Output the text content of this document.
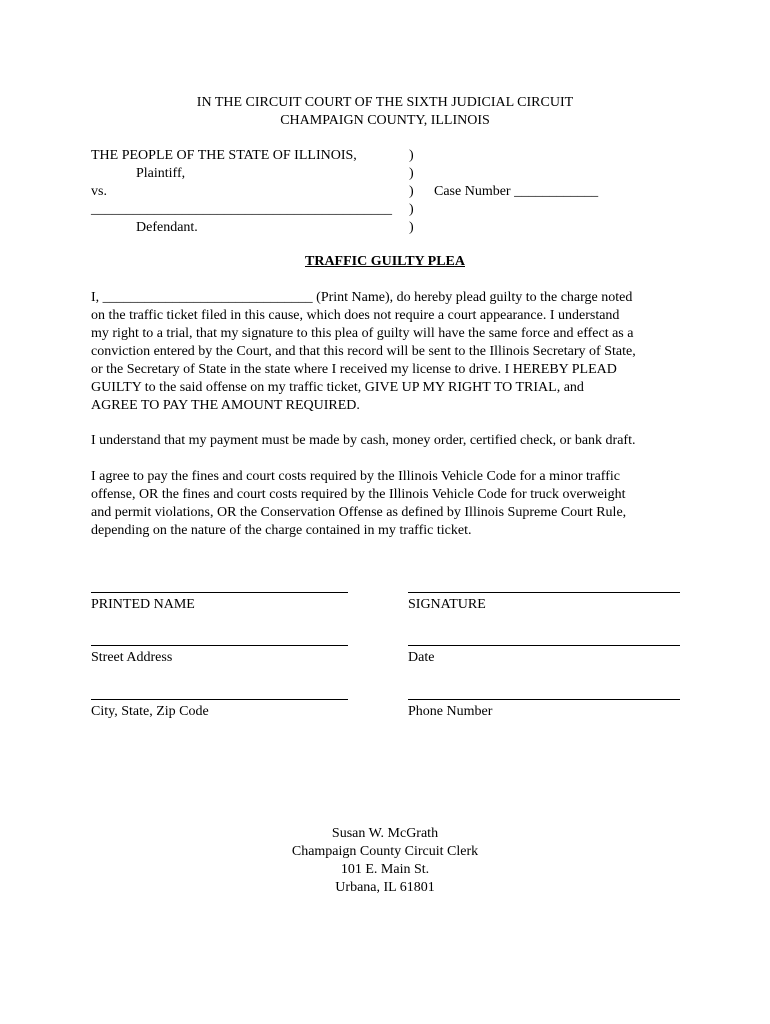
IN THE CIRCUIT COURT OF THE SIXTH JUDICIAL CIRCUIT
CHAMPAIGN COUNTY, ILLINOIS
THE PEOPLE OF THE STATE OF ILLINOIS,	)
Plaintiff,	)
vs.	) Case Number ____________
___________________________________________ )
Defendant.	)
TRAFFIC GUILTY PLEA
I, ______________________________ (Print Name), do hereby plead guilty to the charge noted
on the traffic ticket filed in this cause, which does not require a court appearance. I understand
my right to a trial, that my signature to this plea of guilty will have the same force and effect as a
conviction entered by the Court, and that this record will be sent to the Illinois Secretary of State,
or the Secretary of State in the state where I received my license to drive. I HEREBY PLEAD
GUILTY to the said offense on my traffic ticket, GIVE UP MY RIGHT TO TRIAL, and
AGREE TO PAY THE AMOUNT REQUIRED.
I understand that my payment must be made by cash, money order, certified check, or bank draft.
I agree to pay the fines and court costs required by the Illinois Vehicle Code for a minor traffic
offense, OR the fines and court costs required by the Illinois Vehicle Code for truck overweight
and permit violations, OR the Conservation Offense as defined by Illinois Supreme Court Rule,
depending on the nature of the charge contained in my traffic ticket.
PRINTED NAME	SIGNATURE
Street Address	Date
City, State, Zip Code	Phone Number
Susan W. McGrath
Champaign County Circuit Clerk
101 E. Main St.
Urbana, IL 61801
